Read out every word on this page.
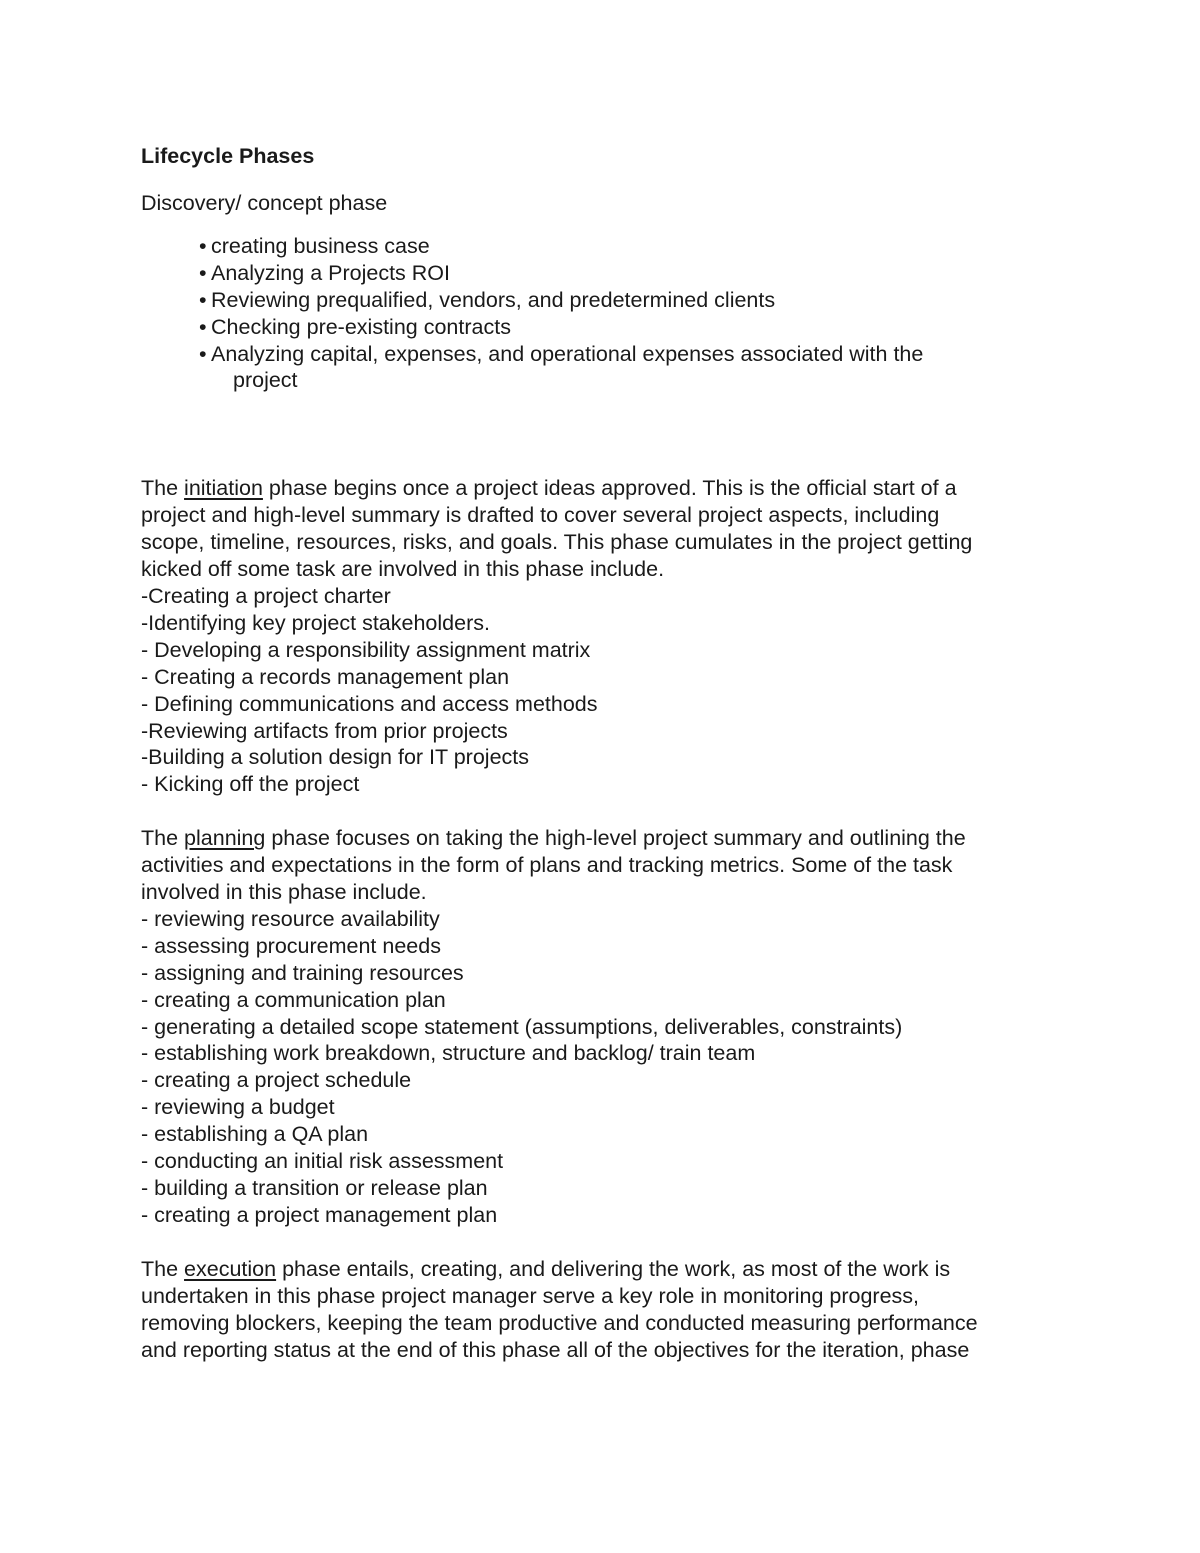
Lifecycle Phases

Discovery/ concept phase

• creating business case
• Analyzing a Projects ROI
• Reviewing prequalified, vendors, and predetermined clients
• Checking pre-existing contracts
• Analyzing capital, expenses, and operational expenses associated with the
project

The initiation phase begins once a project ideas approved. This is the official start of a

project and high-level summary is drafted to cover several project aspects, including

scope, timeline, resources, risks, and goals. This phase cumulates in the project getting

kicked off some task are involved in this phase include.

-Creating a project charter

-Identifying key project stakeholders.

- Developing a responsibility assignment matrix

- Creating a records management plan

- Defining communications and access methods

-Reviewing artifacts from prior projects

-Building a solution design for IT projects

- Kicking off the project

The planning phase focuses on taking the high-level project summary and outlining the

activities and expectations in the form of plans and tracking metrics. Some of the task

involved in this phase include.

- reviewing resource availability

- assessing procurement needs

- assigning and training resources

- creating a communication plan

- generating a detailed scope statement (assumptions, deliverables, constraints)

- establishing work breakdown, structure and backlog/ train team

- creating a project schedule

- reviewing a budget

- establishing a QA plan

- conducting an initial risk assessment

- building a transition or release plan

- creating a project management plan

The execution phase entails, creating, and delivering the work, as most of the work is

undertaken in this phase project manager serve a key role in monitoring progress,

removing blockers, keeping the team productive and conducted measuring performance

and reporting status at the end of this phase all of the objectives for the iteration, phase
